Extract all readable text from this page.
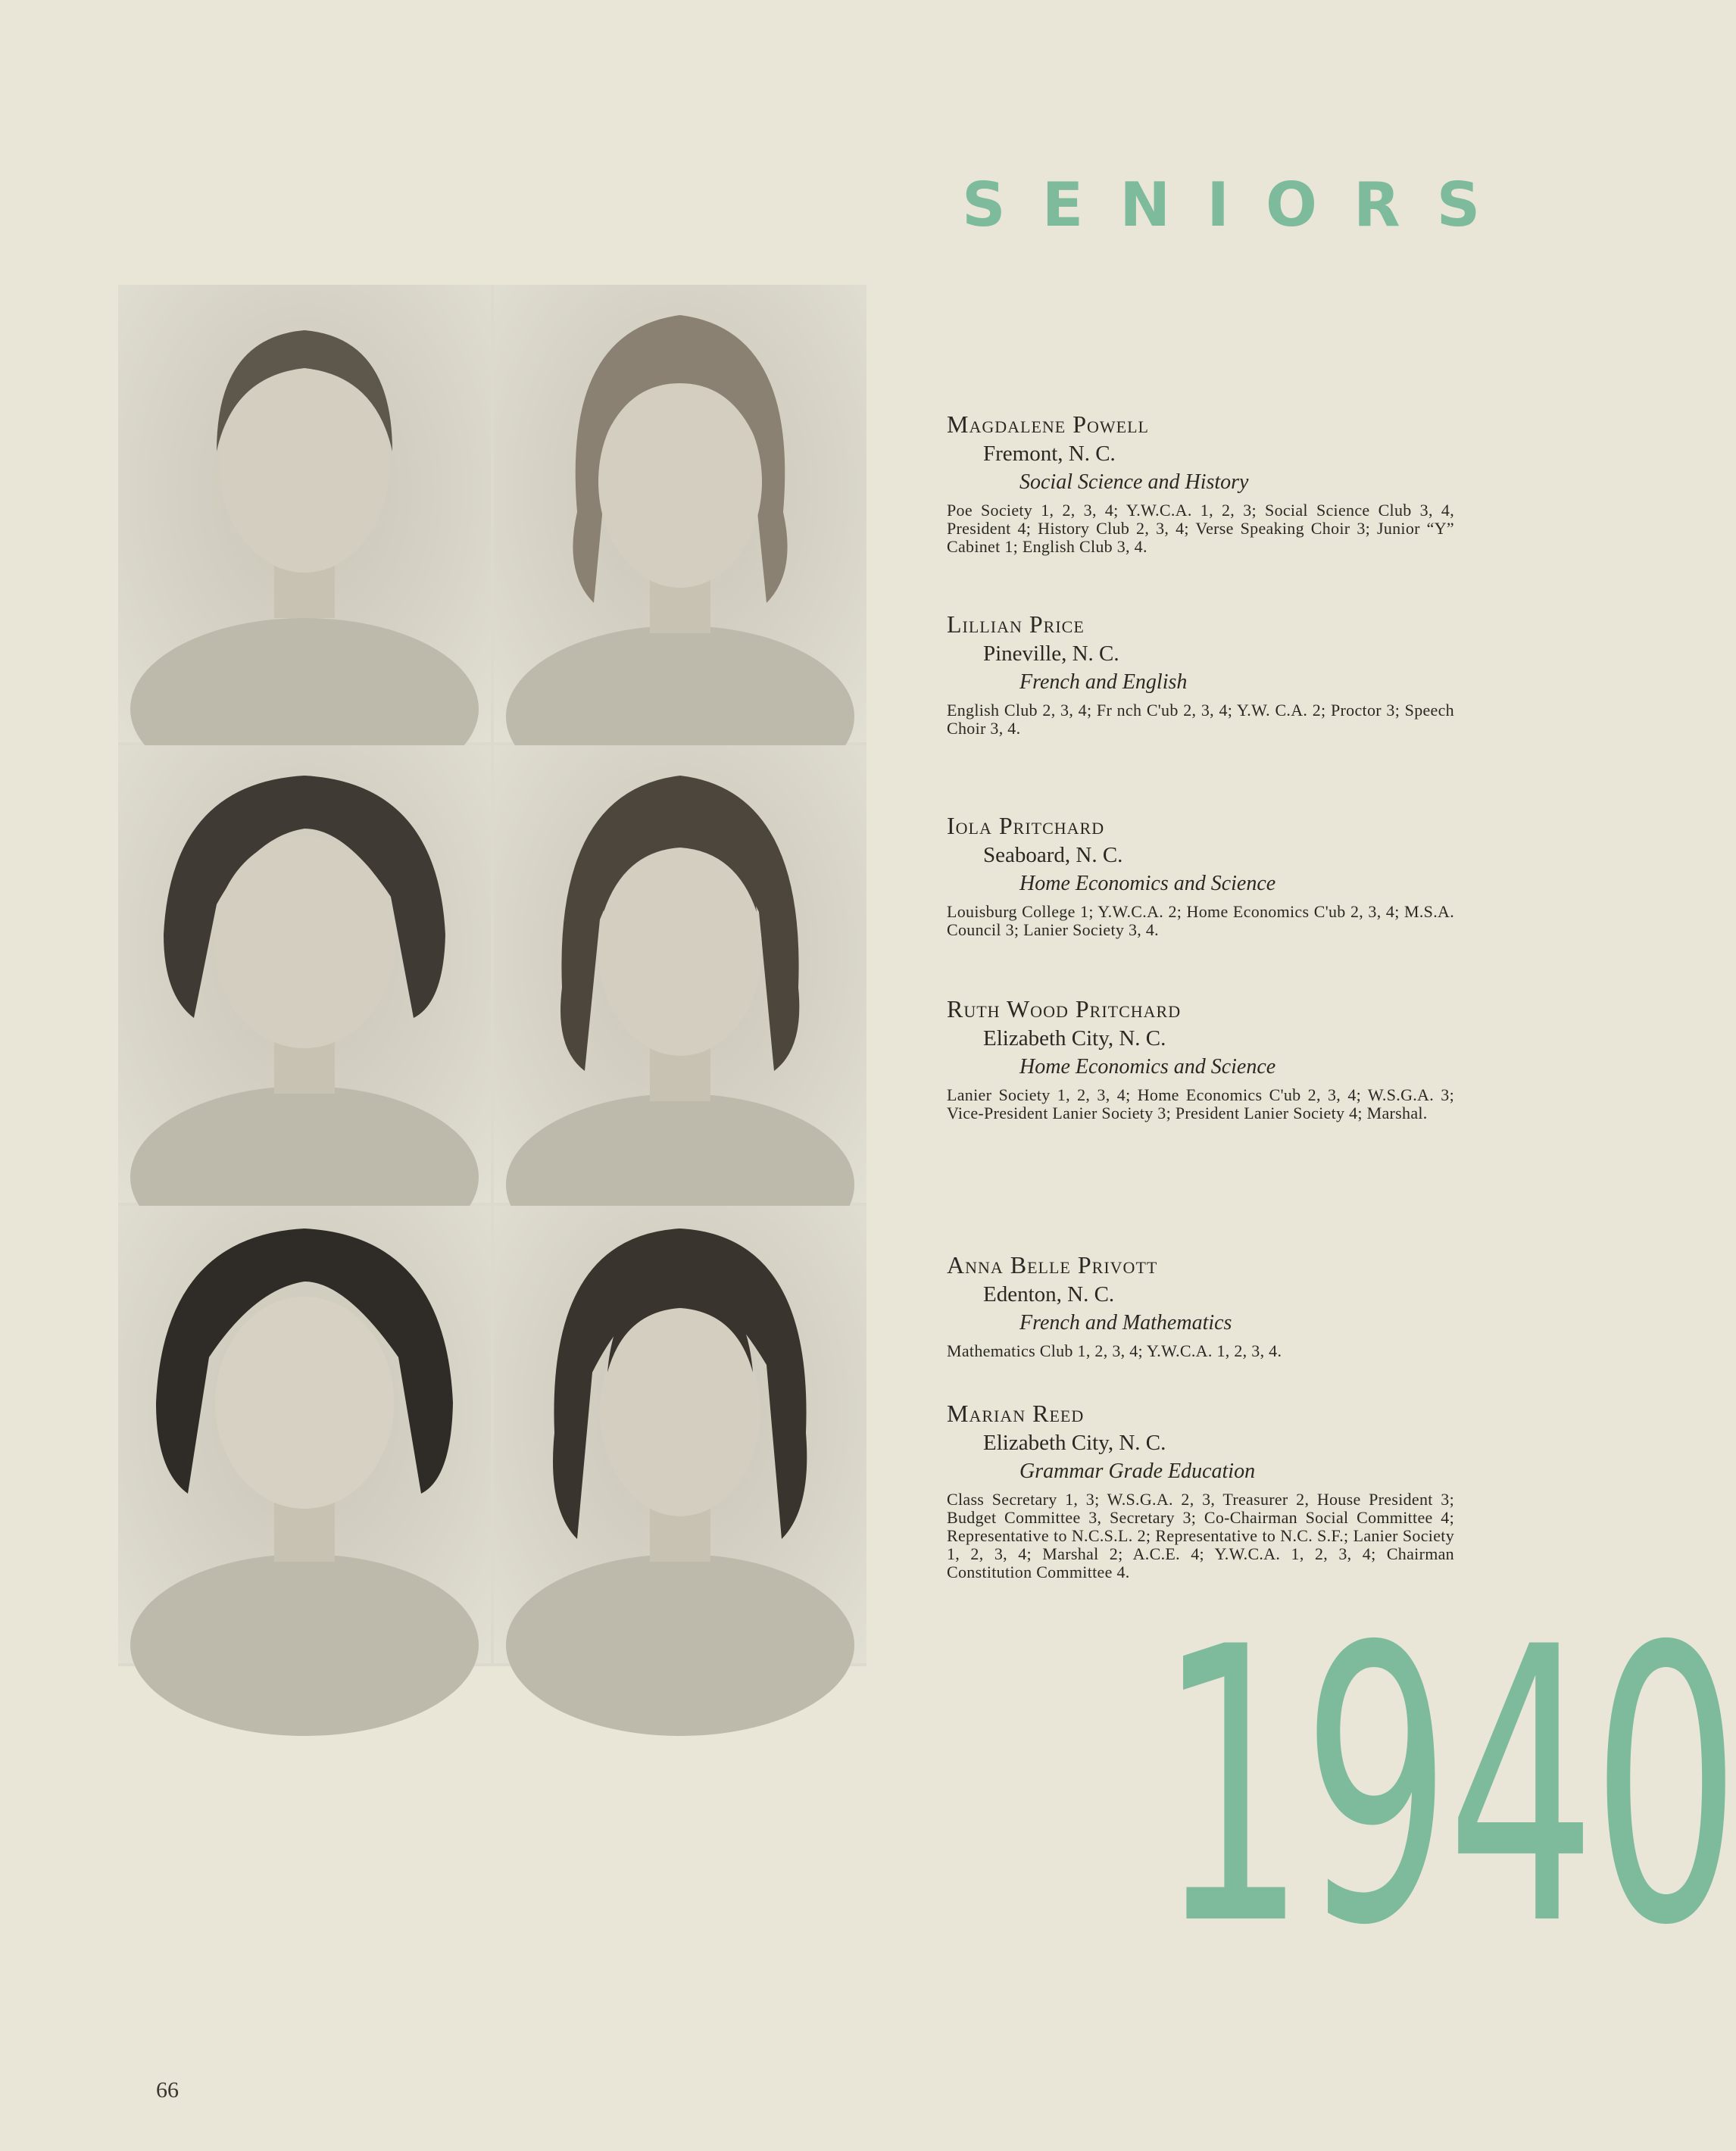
SENIORS
Magdalene Powell
Fremont, N. C.
Social Science and History
Poe Society 1, 2, 3, 4; Y.W.C.A. 1, 2, 3; Social Science Club 3, 4, President 4; History Club 2, 3, 4; Verse Speaking Choir 3; Junior “Y” Cabinet 1; English Club 3, 4.
Lillian Price
Pineville, N. C.
French and English
English Club 2, 3, 4; Fr nch C'ub 2, 3, 4; Y.W. C.A. 2; Proctor 3; Speech Choir 3, 4.
Iola Pritchard
Seaboard, N. C.
Home Economics and Science
Louisburg College 1; Y.W.C.A. 2; Home Economics C'ub 2, 3, 4; M.S.A. Council 3; Lanier Society 3, 4.
Ruth Wood Pritchard
Elizabeth City, N. C.
Home Economics and Science
Lanier Society 1, 2, 3, 4; Home Economics C'ub 2, 3, 4; W.S.G.A. 3; Vice-President Lanier Society 3; President Lanier Society 4; Marshal.
Anna Belle Privott
Edenton, N. C.
French and Mathematics
Mathematics Club 1, 2, 3, 4; Y.W.C.A. 1, 2, 3, 4.
Marian Reed
Elizabeth City, N. C.
Grammar Grade Education
Class Secretary 1, 3; W.S.G.A. 2, 3, Treasurer 2, House President 3; Budget Committee 3, Secretary 3; Co-Chairman Social Committee 4; Representative to N.C.S.L. 2; Representative to N.C. S.F.; Lanier Society 1, 2, 3, 4; Marshal 2; A.C.E. 4; Y.W.C.A. 1, 2, 3, 4; Chairman Constitution Committee 4. 1940
66
